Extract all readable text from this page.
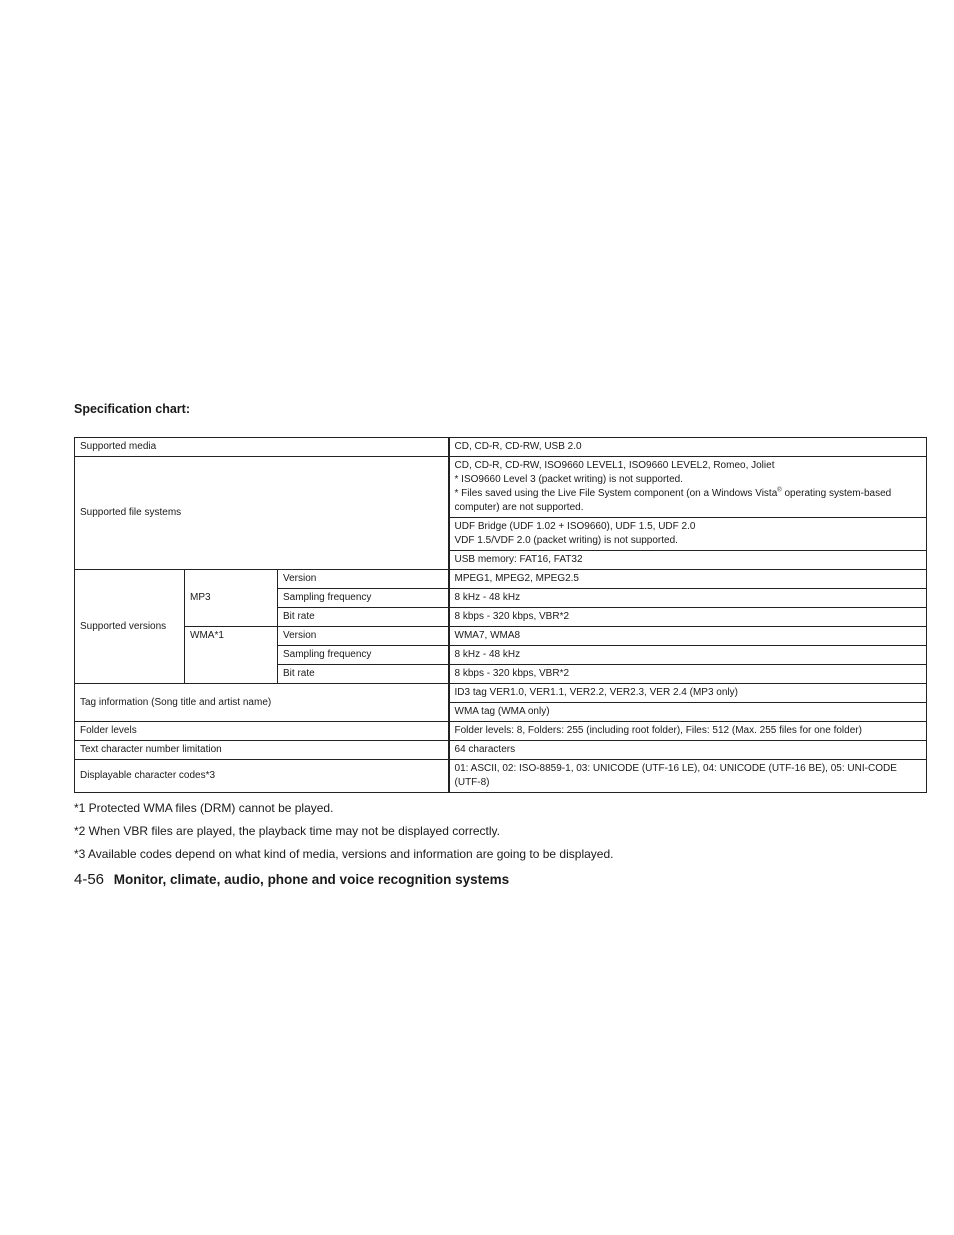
Specification chart:
Supported media			CD, CD-R, CD-RW, USB 2.0
Supported file systems			CD, CD-R, CD-RW, ISO9660 LEVEL1, ISO9660 LEVEL2, Romeo, Joliet
* ISO9660 Level 3 (packet writing) is not supported.
* Files saved using the Live File System component (on a Windows Vista® operating system-based computer) are not supported.
			UDF Bridge (UDF 1.02 + ISO9660), UDF 1.5, UDF 2.0
VDF 1.5/VDF 2.0 (packet writing) is not supported.
			USB memory: FAT16, FAT32
Supported versions	MP3	Version	MPEG1, MPEG2, MPEG2.5
		Sampling frequency	8 kHz - 48 kHz
		Bit rate	8 kbps - 320 kbps, VBR*2
	WMA*1	Version	WMA7, WMA8
		Sampling frequency	8 kHz - 48 kHz
		Bit rate	8 kbps - 320 kbps, VBR*2
Tag information (Song title and artist name)			ID3 tag VER1.0, VER1.1, VER2.2, VER2.3, VER 2.4 (MP3 only)
			WMA tag (WMA only)
Folder levels			Folder levels: 8, Folders: 255 (including root folder), Files: 512 (Max. 255 files for one folder)
Text character number limitation			64 characters
Displayable character codes*3			01: ASCII, 02: ISO-8859-1, 03: UNICODE (UTF-16 LE), 04: UNICODE (UTF-16 BE), 05: UNI-CODE (UTF-8)

*1 Protected WMA files (DRM) cannot be played.

*2 When VBR files are played, the playback time may not be displayed correctly.

*3 Available codes depend on what kind of media, versions and information are going to be displayed.

4-56 Monitor, climate, audio, phone and voice recognition systems
